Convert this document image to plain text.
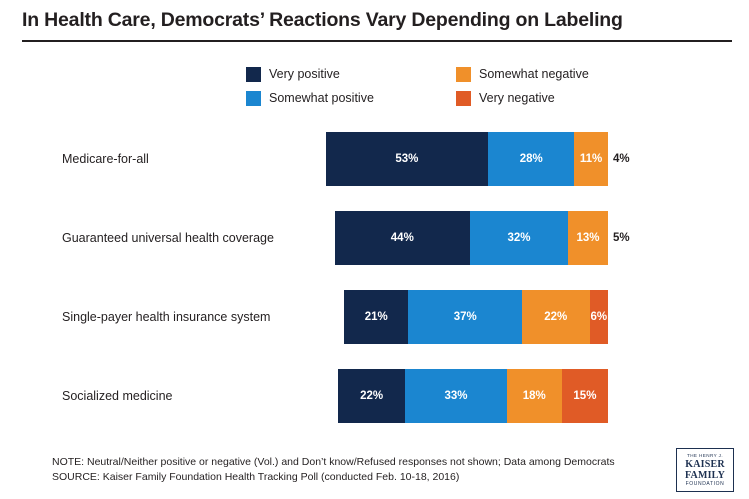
In Health Care, Democrats’ Reactions Vary Depending on Labeling
Very positive	Somewhat negative
Somewhat positive	Very negative
Medicare-for-all	53%	28%	11% 4%
Guaranteed universal health coverage	44%	32%	13% 5%
Single-payer health insurance system	21%	37%	22% 6%
Socialized medicine	22%	33%	18% 15%
NOTE: Neutral/Neither positive or negative (Vol.) and Don’t know/Refused responses not shown; Data among Democrats
SOURCE: Kaiser Family Foundation Health Tracking Poll (conducted Feb. 10-18, 2016)
THE HENRY J.
KAISER
FAMILY
FOUNDATION
